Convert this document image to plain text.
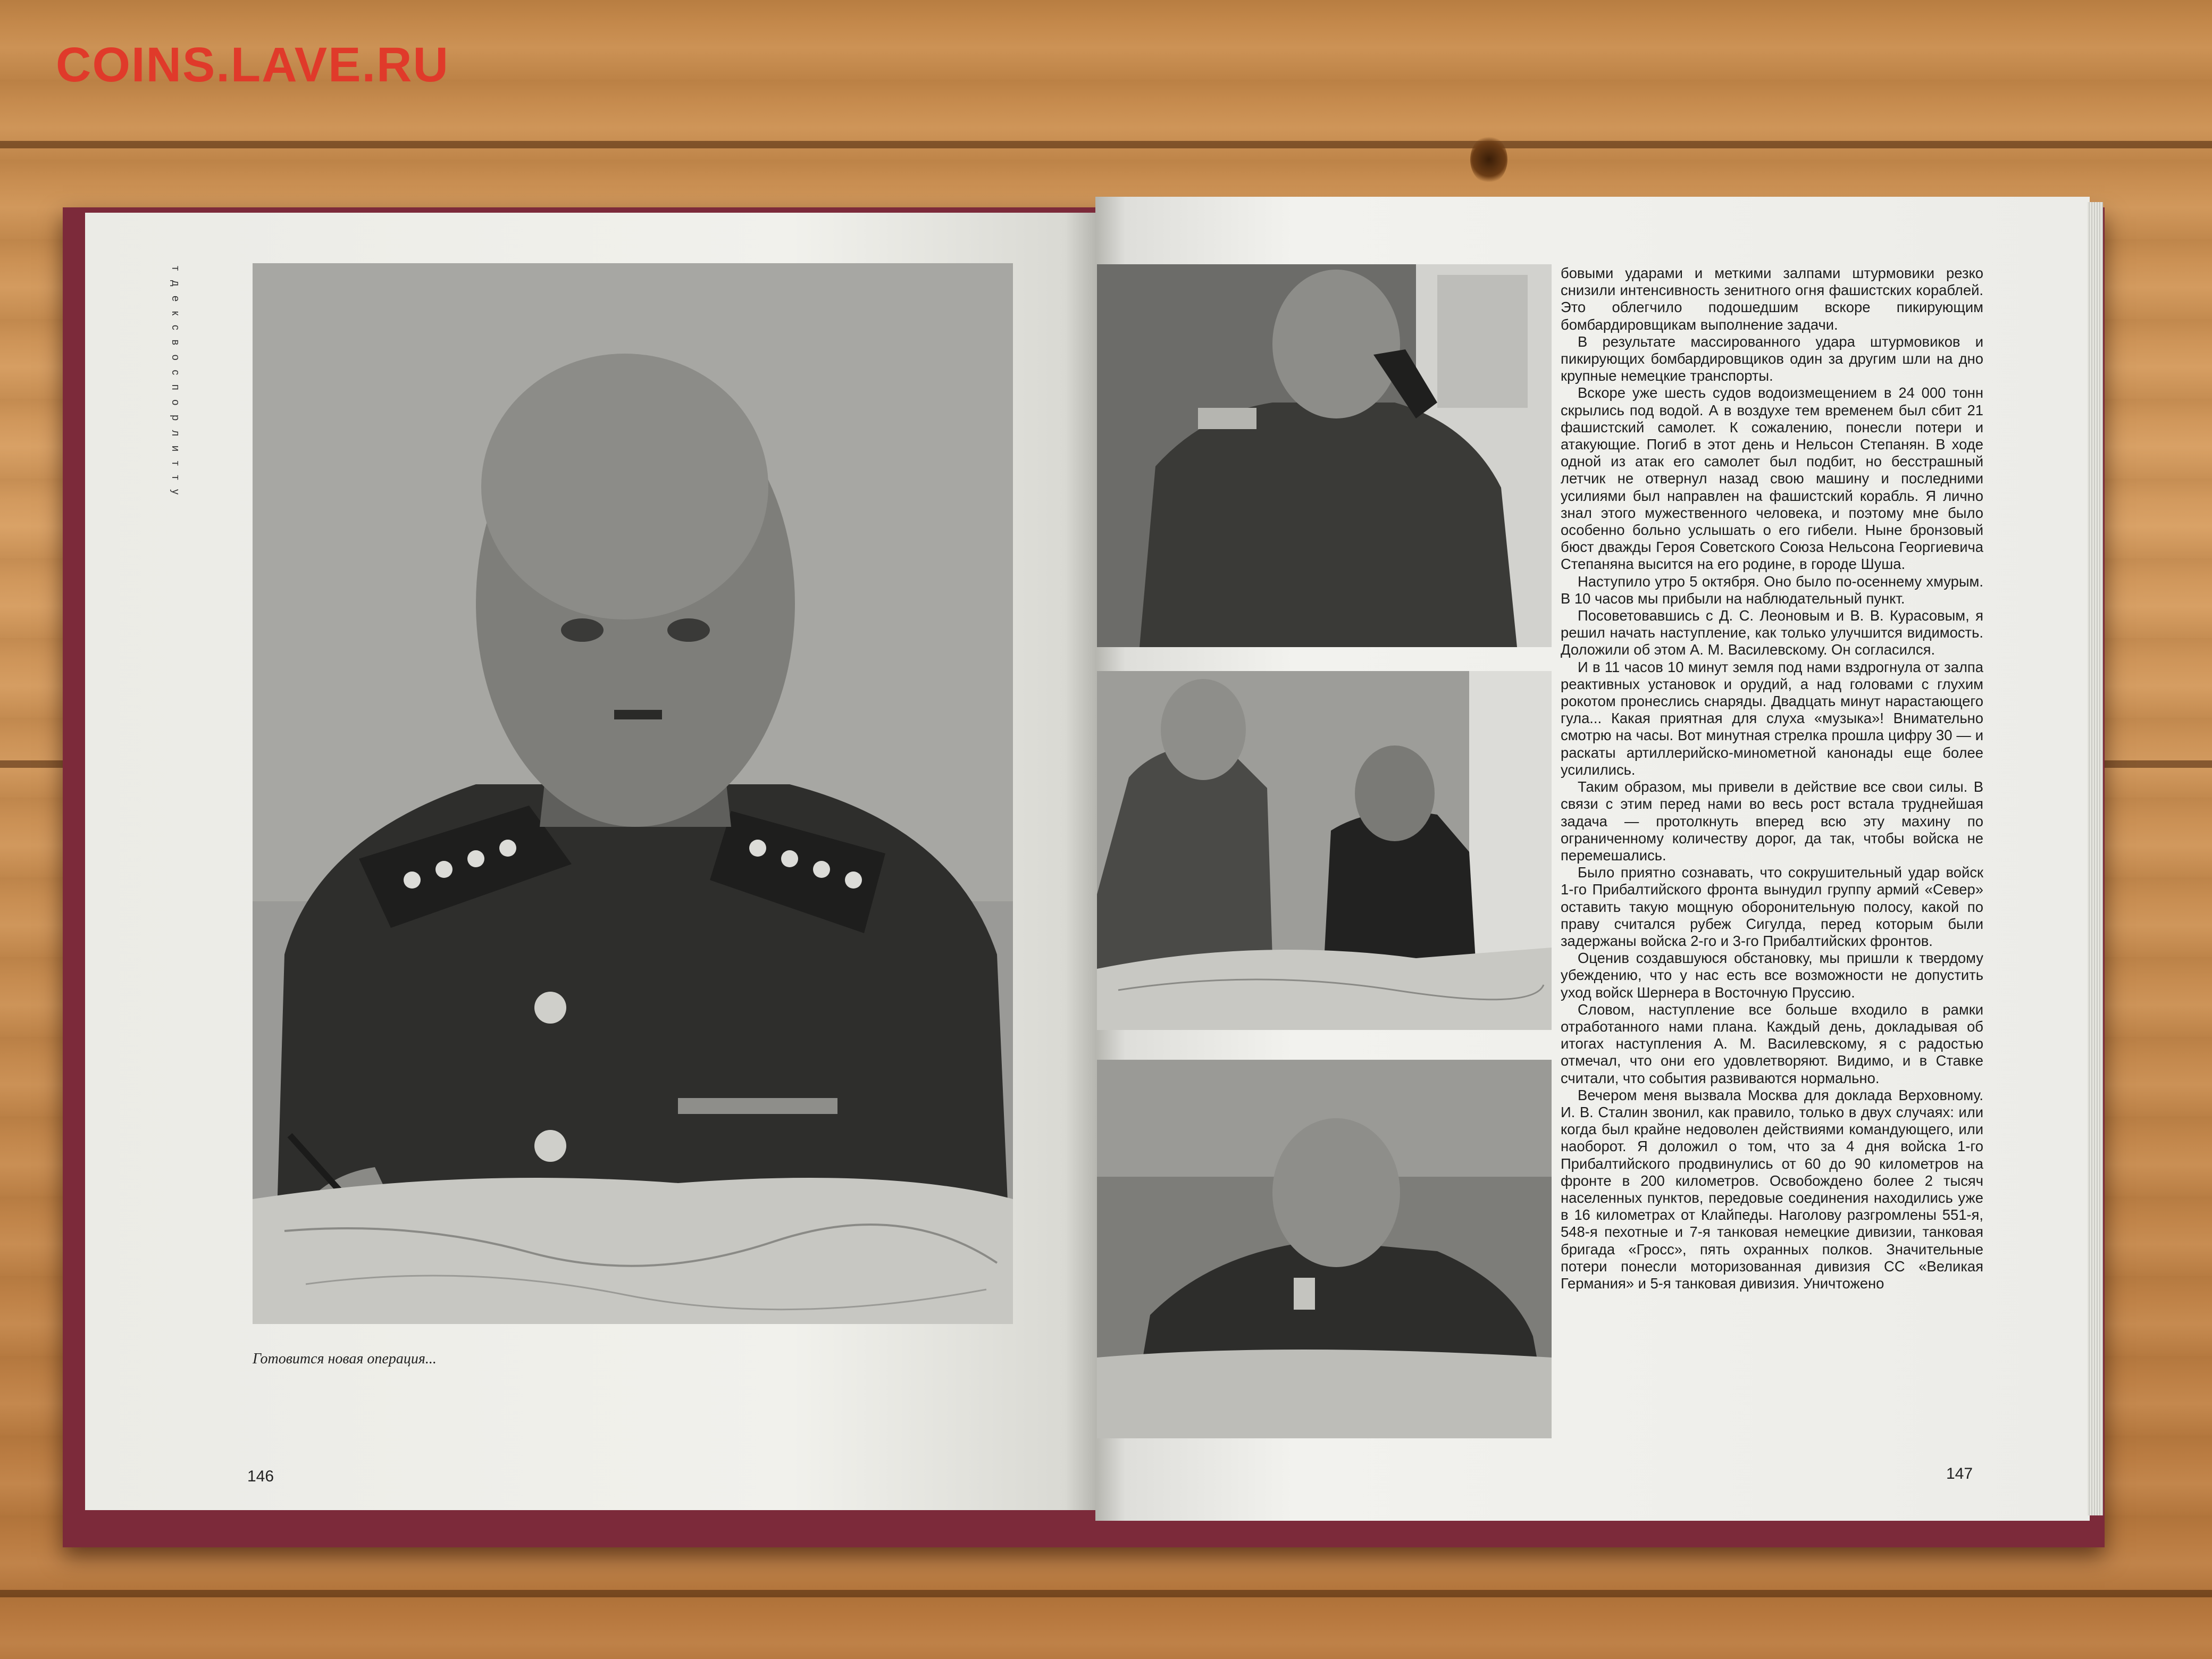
COINS.LAVE.RU
т д е к с в о с п о р л и т т у
Готовится новая операция...
146

бовыми ударами и меткими залпами штурмовики резко снизили интенсивность зенитного огня фашистских кораблей. Это облегчило подошедшим вскоре пикирующим бомбардировщикам выполнение задачи.

В результате массированного удара штурмовиков и пикирующих бомбардировщиков один за другим шли на дно крупные немецкие транспорты.

Вскоре уже шесть судов водоизмещением в 24 000 тонн скрылись под водой. А в воздухе тем временем был сбит 21 фашистский самолет. К сожалению, понесли потери и атакующие. Погиб в этот день и Нельсон Степанян. В ходе одной из атак его самолет был подбит, но бесстрашный летчик не отвернул назад свою машину и последними усилиями был направлен на фашистский корабль. Я лично знал этого мужественного человека, и поэтому мне было особенно больно услышать о его гибели. Ныне бронзовый бюст дважды Героя Советского Союза Нельсона Георгиевича Степаняна высится на его родине, в городе Шуша.

Наступило утро 5 октября. Оно было по-осеннему хмурым. В 10 часов мы прибыли на наблюдательный пункт.

Посоветовавшись с Д. С. Леоновым и В. В. Курасовым, я решил начать наступление, как только улучшится видимость. Доложили об этом А. М. Василевскому. Он согласился.

И в 11 часов 10 минут земля под нами вздрогнула от залпа реактивных установок и орудий, а над головами с глухим рокотом пронеслись снаряды. Двадцать минут нарастающего гула... Какая приятная для слуха «музыка»! Внимательно смотрю на часы. Вот минутная стрелка прошла цифру 30 — и раскаты артиллерийско-минометной канонады еще более усилились.

Таким образом, мы привели в действие все свои силы. В связи с этим перед нами во весь рост встала труднейшая задача — протолкнуть вперед всю эту махину по ограниченному количеству дорог, да так, чтобы войска не перемешались.

Было приятно сознавать, что сокрушительный удар войск 1-го Прибалтийского фронта вынудил группу армий «Север» оставить такую мощную оборонительную полосу, какой по праву считался рубеж Сигулда, перед которым были задержаны войска 2-го и 3-го Прибалтийских фронтов.

Оценив создавшуюся обстановку, мы пришли к твердому убеждению, что у нас есть все возможности не допустить уход войск Шернера в Восточную Пруссию.

Словом, наступление все больше входило в рамки отработанного нами плана. Каждый день, докладывая об итогах наступления А. М. Василевскому, я с радостью отмечал, что они его удовлетворяют. Видимо, и в Ставке считали, что события развиваются нормально.

Вечером меня вызвала Москва для доклада Верховному. И. В. Сталин звонил, как правило, только в двух случаях: или когда был крайне недоволен действиями командующего, или наоборот. Я доложил о том, что за 4 дня войска 1-го Прибалтийского продвинулись от 60 до 90 километров на фронте в 200 километров. Освобождено более 2 тысяч населенных пунктов, передовые соединения находились уже в 16 километрах от Клайпеды. Наголову разгромлены 551-я, 548-я пехотные и 7-я танковая немецкие дивизии, танковая бригада «Гросс», пять охранных полков. Значительные потери понесли моторизованная дивизия СС «Великая Германия» и 5-я танковая дивизия. Уничтожено

147
